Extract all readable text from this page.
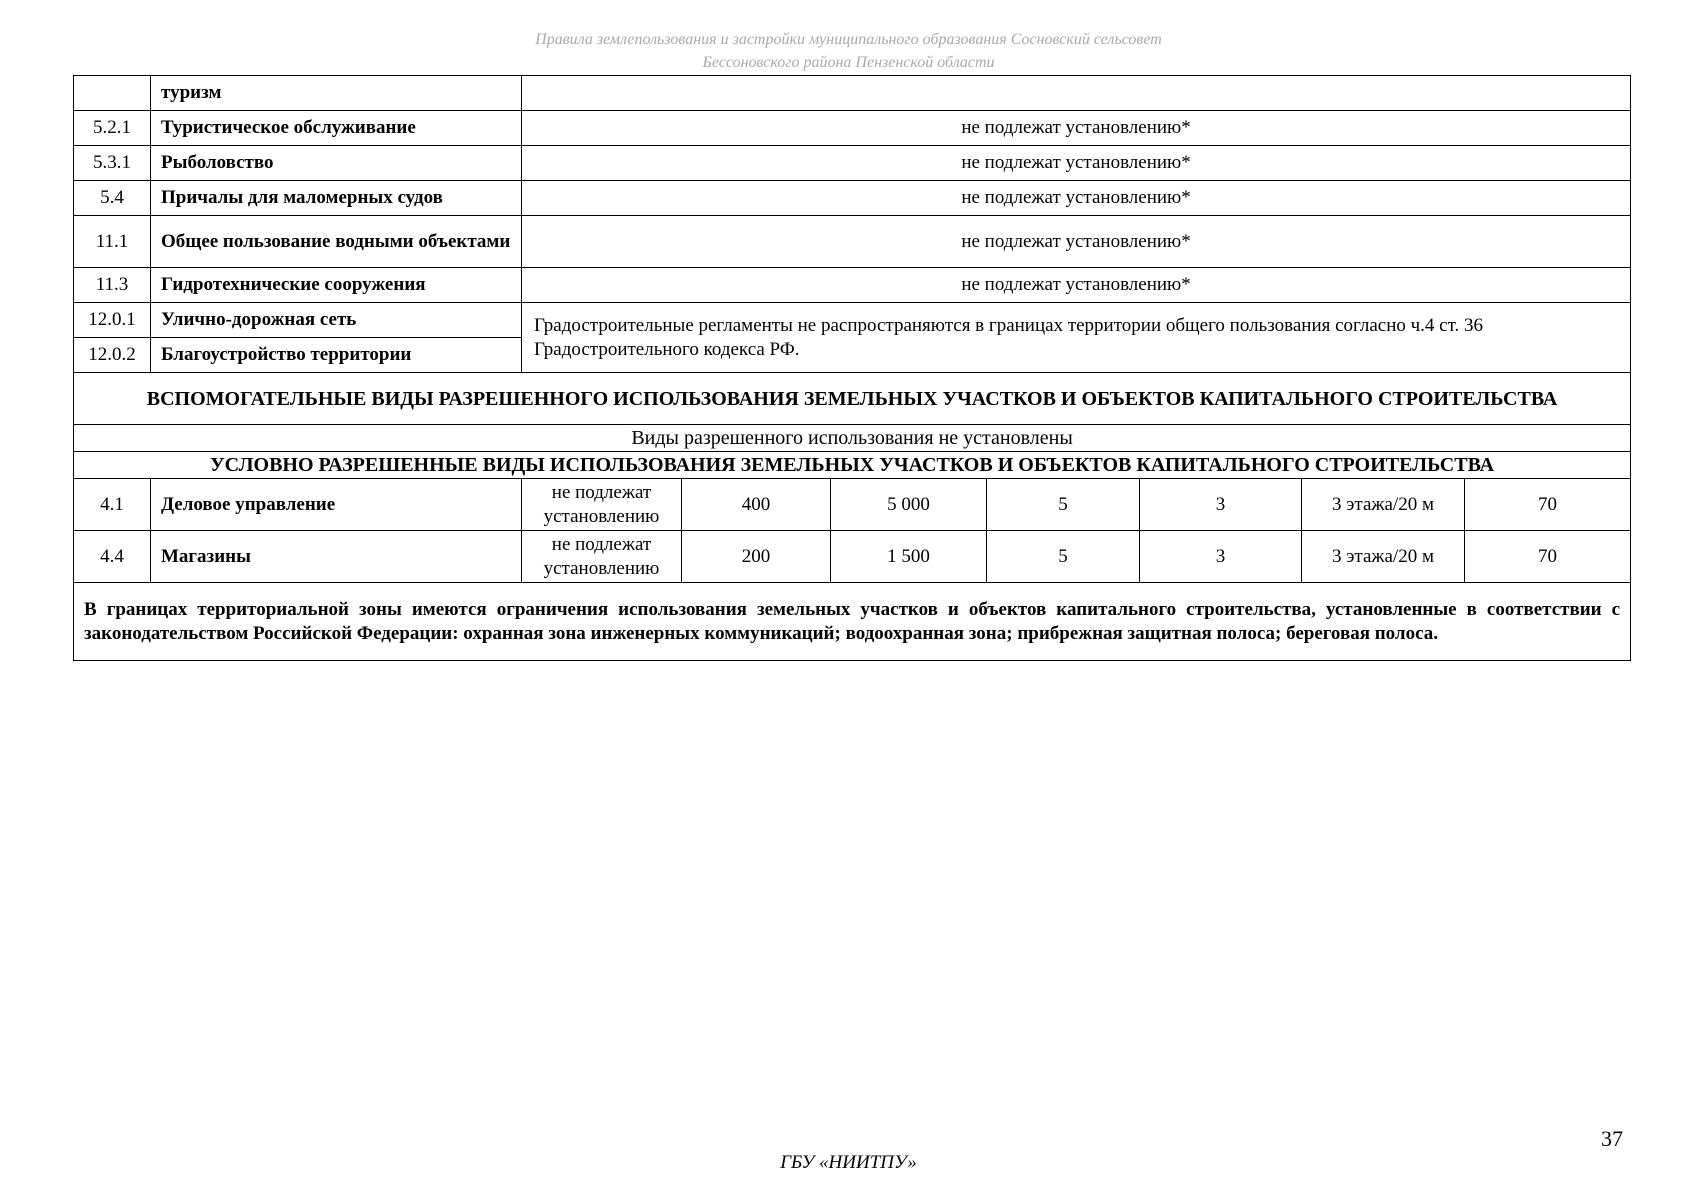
Правила землепользования и застройки муниципального образования Сосновский сельсовет
Бессоновского района Пензенской области
	туризм							
5.2.1	Туристическое обслуживание	не подлежат установлению*						
5.3.1	Рыболовство	не подлежат установлению*						
5.4	Причалы для маломерных судов	не подлежат установлению*						
11.1	Общее пользование водными объектами	не подлежат установлению*						
11.3	Гидротехнические сооружения	не подлежат установлению*						
12.0.1	Улично-дорожная сеть	Градостроительные регламенты не распространяются в границах территории общего пользования согласно ч.4 ст. 36 Градостроительного кодекса РФ.						
12.0.2	Благоустройство территории							
ВСПОМОГАТЕЛЬНЫЕ ВИДЫ РАЗРЕШЕННОГО ИСПОЛЬЗОВАНИЯ ЗЕМЕЛЬНЫХ УЧАСТКОВ И ОБЪЕКТОВ КАПИТАЛЬНОГО СТРОИТЕЛЬСТВА								
Виды разрешенного использования не установлены								
УСЛОВНО РАЗРЕШЕННЫЕ ВИДЫ ИСПОЛЬЗОВАНИЯ ЗЕМЕЛЬНЫХ УЧАСТКОВ И ОБЪЕКТОВ КАПИТАЛЬНОГО СТРОИТЕЛЬСТВА								
4.1	Деловое управление	не подлежат установлению	400	5 000	5	3	3 этажа/20 м	70
4.4	Магазины	не подлежат установлению	200	1 500	5	3	3 этажа/20 м	70
В границах территориальной зоны имеются ограничения использования земельных участков и объектов капитального строительства, установленные в соответствии с законодательством Российской Федерации: охранная зона инженерных коммуникаций; водоохранная зона; прибрежная защитная полоса; береговая полоса.								
37
ГБУ «НИИТПУ»
